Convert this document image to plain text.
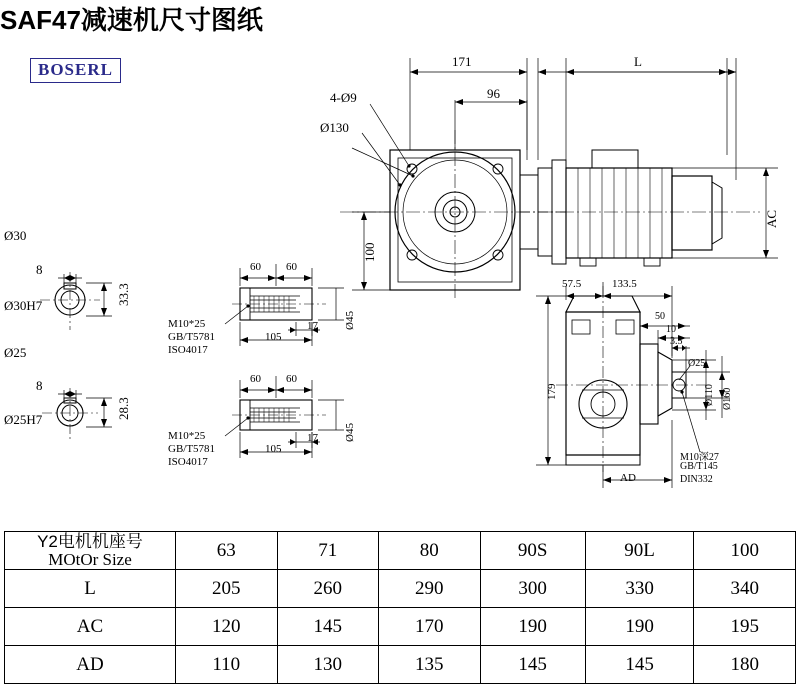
SAF47减速机尺寸图纸
BOSERL	171
96
4-Ø9
Ø130
100
L
AC
Ø30
8
33.3
Ø30H7
Ø25
8
28.3
Ø25H7
60 60
17
105
Ø45
M10*25
GB/T5781
ISO4017
60 60
17
105
Ø45
M10*25
GB/T5781
ISO4017
57.5	133.5
50
10
3.5
179
Ø25
Ø110 Ø160
AD
M10深27
GB/T145
DIN332
Y2电机机座号
MOtOr Size	63	71	80	90S	90L	100
L	205	260	290	300	330	340
AC	120	145	170	190	190	195
AD	110	130	135	145	145	180
